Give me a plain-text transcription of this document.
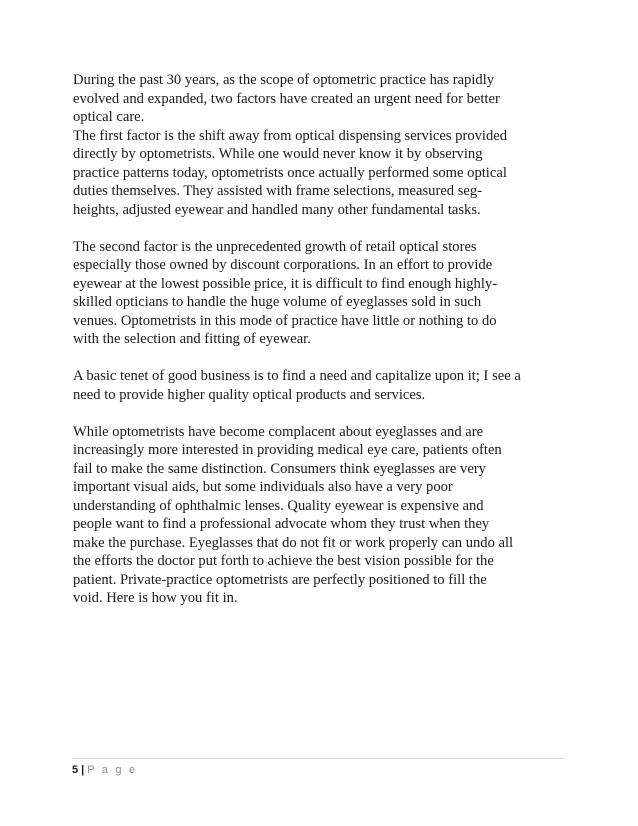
During the past 30 years, as the scope of optometric practice has rapidly
evolved and expanded, two factors have created an urgent need for better
optical care.

The first factor is the shift away from optical dispensing services provided
directly by optometrists. While one would never know it by observing
practice patterns today, optometrists once actually performed some optical
duties themselves. They assisted with frame selections, measured seg-
heights, adjusted eyewear and handled many other fundamental tasks.

The second factor is the unprecedented growth of retail optical stores
especially those owned by discount corporations. In an effort to provide
eyewear at the lowest possible price, it is difficult to find enough highly-
skilled opticians to handle the huge volume of eyeglasses sold in such
venues. Optometrists in this mode of practice have little or nothing to do
with the selection and fitting of eyewear.

A basic tenet of good business is to find a need and capitalize upon it; I see a
need to provide higher quality optical products and services.

While optometrists have become complacent about eyeglasses and are
increasingly more interested in providing medical eye care, patients often
fail to make the same distinction. Consumers think eyeglasses are very
important visual aids, but some individuals also have a very poor
understanding of ophthalmic lenses. Quality eyewear is expensive and
people want to find a professional advocate whom they trust when they
make the purchase. Eyeglasses that do not fit or work properly can undo all
the efforts the doctor put forth to achieve the best vision possible for the
patient. Private-practice optometrists are perfectly positioned to fill the
void. Here is how you fit in.

5 | P a g e
